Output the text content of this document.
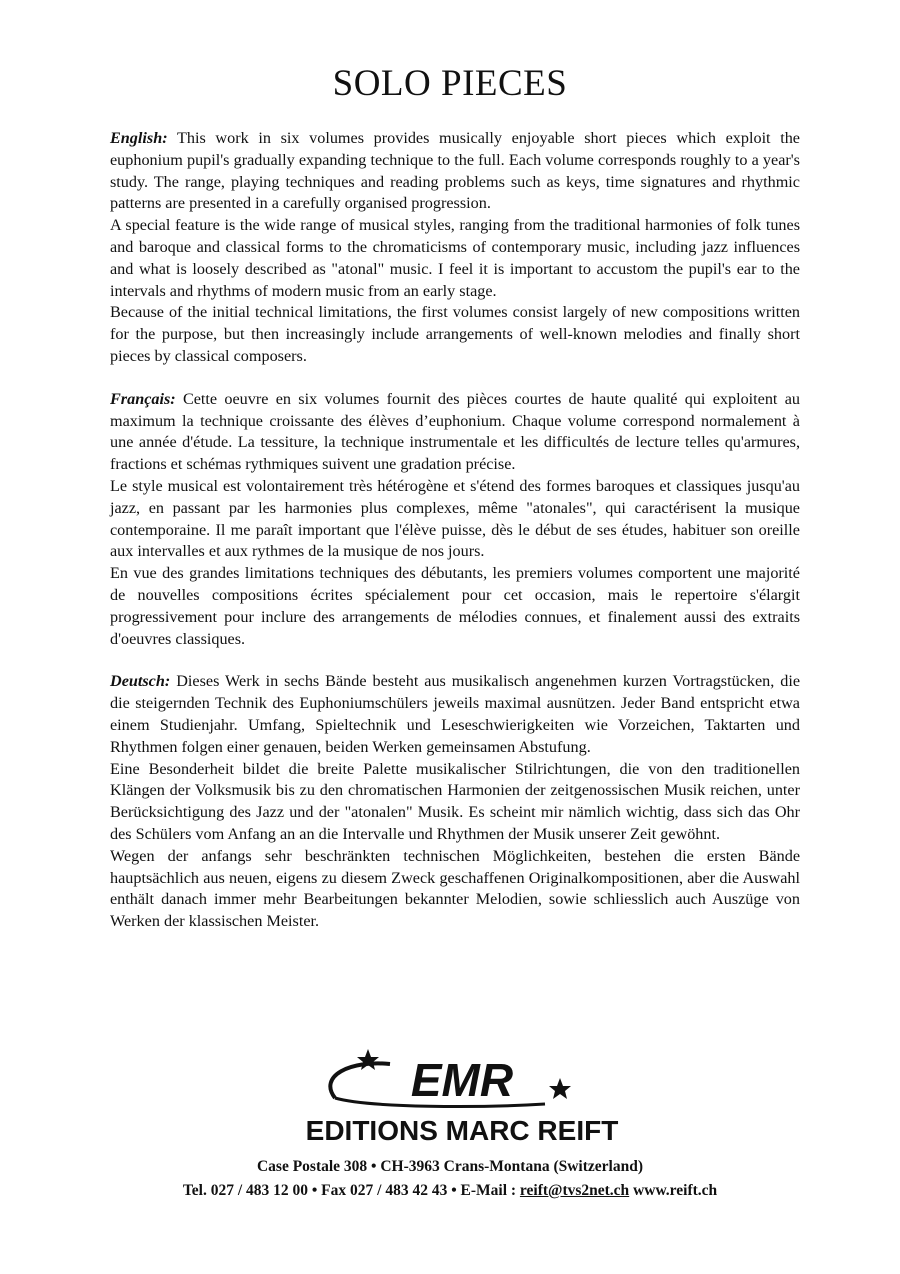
SOLO PIECES

English: This work in six volumes provides musically enjoyable short pieces which exploit the euphonium pupil's gradually expanding technique to the full. Each volume corresponds roughly to a year's study. The range, playing techniques and reading problems such as keys, time signatures and rhythmic patterns are presented in a carefully organised progression.

A special feature is the wide range of musical styles, ranging from the traditional harmonies of folk tunes and baroque and classical forms to the chromaticisms of contemporary music, including jazz influences and what is loosely described as "atonal" music. I feel it is important to accustom the pupil's ear to the intervals and rhythms of modern music from an early stage.

Because of the initial technical limitations, the first volumes consist largely of new compositions written for the purpose, but then increasingly include arrangements of well-known melodies and finally short pieces by classical composers.

Français: Cette oeuvre en six volumes fournit des pièces courtes de haute qualité qui exploitent au maximum la technique croissante des élèves d’euphonium. Chaque volume correspond normalement à une année d'étude. La tessiture, la technique instrumentale et les difficultés de lecture telles qu'armures, fractions et schémas rythmiques suivent une gradation précise.

Le style musical est volontairement très hétérogène et s'étend des formes baroques et classiques jusqu'au jazz, en passant par les harmonies plus complexes, même "atonales", qui caractérisent la musique contemporaine. Il me paraît important que l'élève puisse, dès le début de ses études, habituer son oreille aux intervalles et aux rythmes de la musique de nos jours.

En vue des grandes limitations techniques des débutants, les premiers volumes comportent une majorité de nouvelles compositions écrites spécialement pour cet occasion, mais le repertoire s'élargit progressivement pour inclure des arrangements de mélodies connues, et finalement aussi des extraits d'oeuvres classiques.

Deutsch: Dieses Werk in sechs Bände besteht aus musikalisch angenehmen kurzen Vortragstücken, die die steigernden Technik des Euphoniumschülers jeweils maximal ausnützen. Jeder Band entspricht etwa einem Studienjahr. Umfang, Spieltechnik und Leseschwierigkeiten wie Vorzeichen, Taktarten und Rhythmen folgen einer genauen, beiden Werken gemeinsamen Abstufung.

Eine Besonderheit bildet die breite Palette musikalischer Stilrichtungen, die von den traditionellen Klängen der Volksmusik bis zu den chromatischen Harmonien der zeitgenossischen Musik reichen, unter Berücksichtigung des Jazz und der "atonalen" Musik. Es scheint mir nämlich wichtig, dass sich das Ohr des Schülers vom Anfang an an die Intervalle und Rhythmen der Musik unserer Zeit gewöhnt.

Wegen der anfangs sehr beschränkten technischen Möglichkeiten, bestehen die ersten Bände hauptsächlich aus neuen, eigens zu diesem Zweck geschaffenen Originalkompositionen, aber die Auswahl enthält danach immer mehr Bearbeitungen bekannter Melodien, sowie schliesslich auch Auszüge von Werken der klassischen Meister.

EMR
EDITIONS MARC REIFT
Case Postale 308 • CH-3963 Crans-Montana (Switzerland)
Tel. 027 / 483 12 00 • Fax 027 / 483 42 43 • E-Mail : reift@tvs2net.ch www.reift.ch
